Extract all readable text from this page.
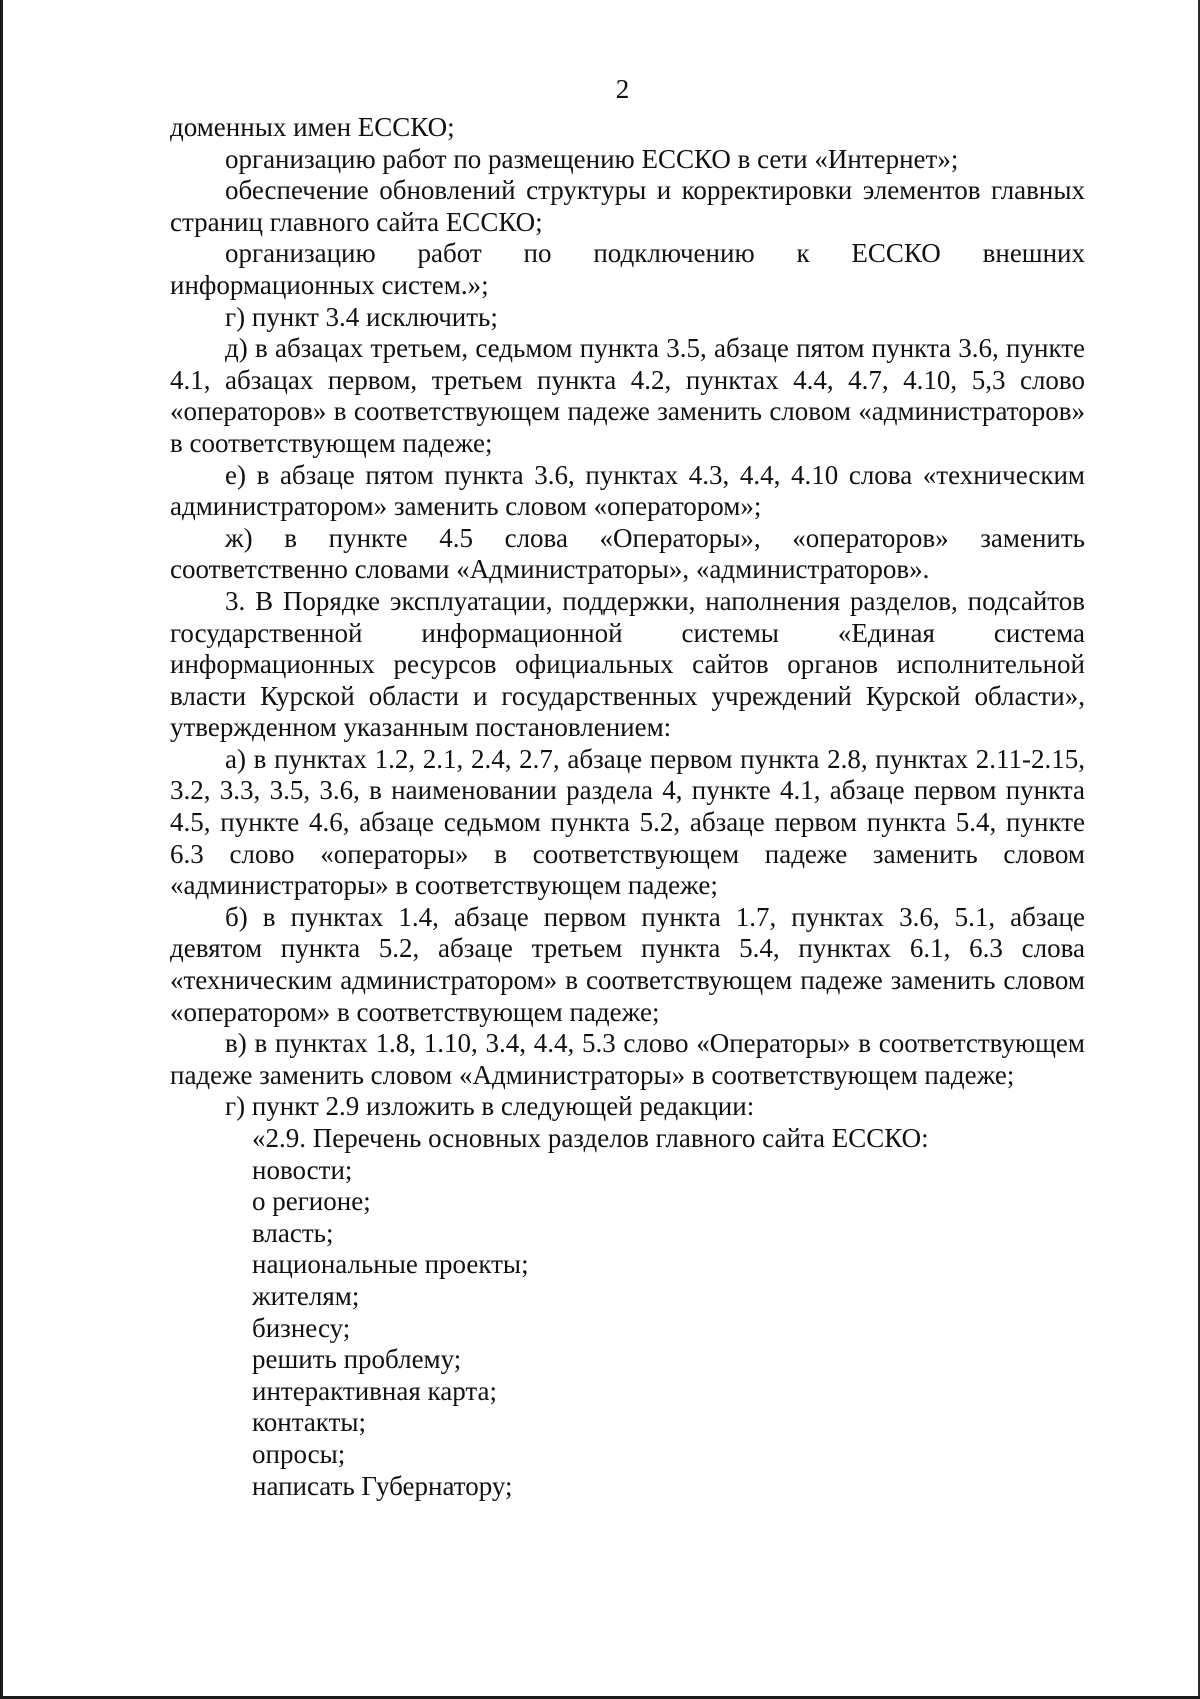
2

доменных имен ЕССКО;

организацию работ по размещению ЕССКО в сети «Интернет»;

обеспечение обновлений структуры и корректировки элементов главных страниц главного сайта ЕССКО;

организацию работ по подключению к ЕССКО внешних информационных систем.»;

г) пункт 3.4 исключить;

д) в абзацах третьем, седьмом пункта 3.5, абзаце пятом пункта 3.6, пункте 4.1, абзацах первом, третьем пункта 4.2, пунктах 4.4, 4.7, 4.10, 5,3 слово «операторов» в соответствующем падеже заменить словом «администраторов» в соответствующем падеже;

е) в абзаце пятом пункта 3.6, пунктах 4.3, 4.4, 4.10 слова «техническим администратором» заменить словом «оператором»;

ж) в пункте 4.5 слова «Операторы», «операторов» заменить соответственно словами «Администраторы», «администраторов».

3. В Порядке эксплуатации, поддержки, наполнения разделов, подсайтов государственной информационной системы «Единая система информационных ресурсов официальных сайтов органов исполнительной власти Курской области и государственных учреждений Курской области», утвержденном указанным постановлением:

а) в пунктах 1.2, 2.1, 2.4, 2.7, абзаце первом пункта 2.8, пунктах 2.11-2.15, 3.2, 3.3, 3.5, 3.6, в наименовании раздела 4, пункте 4.1, абзаце первом пункта 4.5, пункте 4.6, абзаце седьмом пункта 5.2, абзаце первом пункта 5.4, пункте 6.3 слово «операторы» в соответствующем падеже заменить словом «администраторы» в соответствующем падеже;

б) в пунктах 1.4, абзаце первом пункта 1.7, пунктах 3.6, 5.1, абзаце девятом пункта 5.2, абзаце третьем пункта 5.4, пунктах 6.1, 6.3 слова «техническим администратором» в соответствующем падеже заменить словом «оператором» в соответствующем падеже;

в) в пунктах 1.8, 1.10, 3.4, 4.4, 5.3 слово «Операторы» в соответствующем падеже заменить словом «Администраторы» в соответствующем падеже;

г) пункт 2.9 изложить в следующей редакции:

«2.9. Перечень основных разделов главного сайта ЕССКО:

новости;

о регионе;

власть;

национальные проекты;

жителям;

бизнесу;

решить проблему;

интерактивная карта;

контакты;

опросы;

написать Губернатору;
